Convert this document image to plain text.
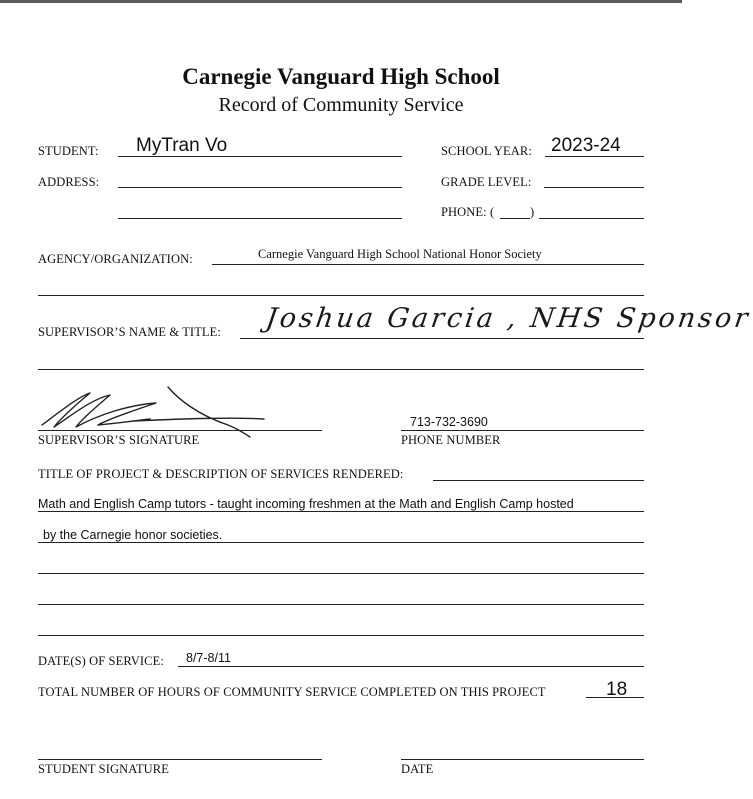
Carnegie Vanguard High School
Record of Community Service
STUDENT: MyTran Vo	SCHOOL YEAR: 2023-24
ADDRESS:	GRADE LEVEL:
PHONE: (	)
AGENCY/ORGANIZATION:	Carnegie Vanguard High School National Honor Society
SUPERVISOR’S NAME & TITLE: Joshua Garcia , NHS Sponsor
SUPERVISOR’S SIGNATURE
713-732-3690
PHONE NUMBER
TITLE OF PROJECT & DESCRIPTION OF SERVICES RENDERED:
Math and English Camp tutors - taught incoming freshmen at the Math and English Camp hosted
by the Carnegie honor societies.
DATE(S) OF SERVICE: 8/7-8/11
TOTAL NUMBER OF HOURS OF COMMUNITY SERVICE COMPLETED ON THIS PROJECT	18
STUDENT SIGNATURE	DATE
